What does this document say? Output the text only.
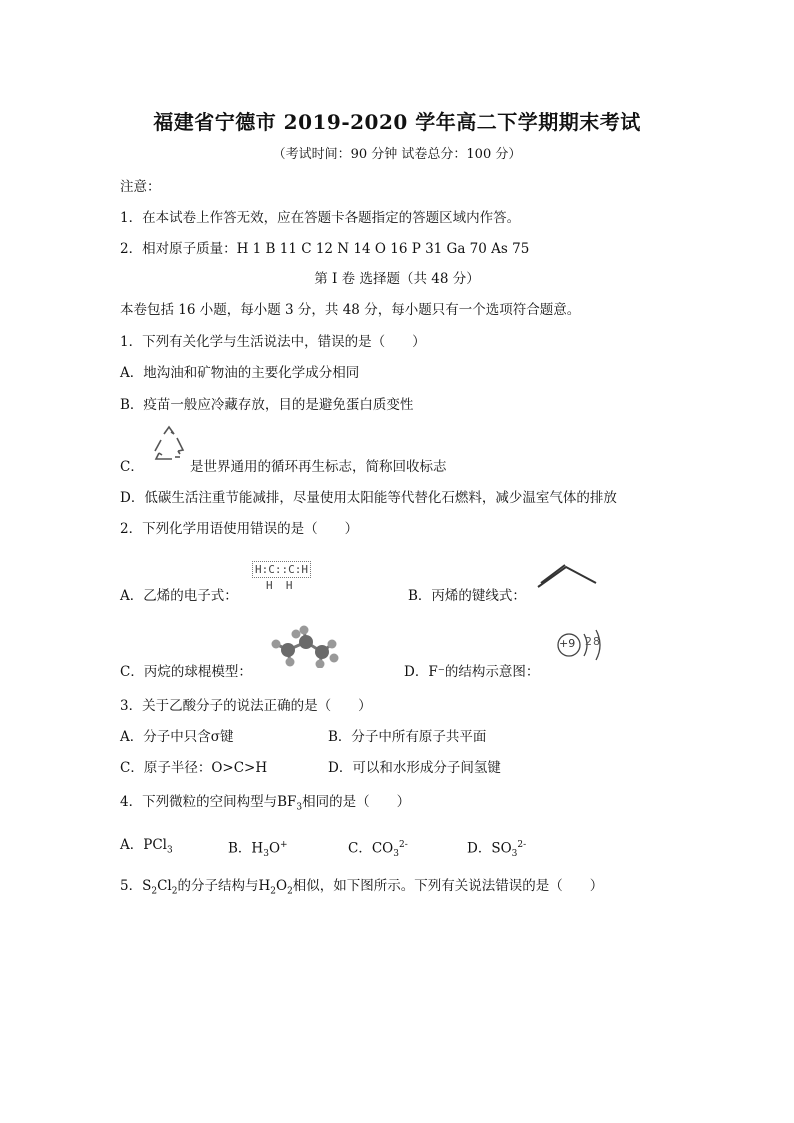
福建省宁德市 2019-2020 学年高二下学期期末考试
（考试时间：90 分钟 试卷总分：100 分）
注意：
1．在本试卷上作答无效，应在答题卡各题指定的答题区域内作答。
2．相对原子质量：H 1 B 11 C 12 N 14 O 16 P 31 Ga 70 As 75
第 I 卷 选择题（共 48 分）
本卷包括 16 小题，每小题 3 分，共 48 分，每小题只有一个选项符合题意。
1．下列有关化学与生活说法中，错误的是（　　）
A．地沟油和矿物油的主要化学成分相同
B．疫苗一般应冷藏存放，目的是避免蛋白质变性
C．	是世界通用的循环再生标志，简称回收标志
D．低碳生活注重节能减排，尽量使用太阳能等代替化石燃料，减少温室气体的排放
2．下列化学用语使用错误的是（　　）
H:C::C:H
H  H
A．乙烯的电子式：	B．丙烯的键线式：
C．丙烷的球棍模型：	D．F⁻的结构示意图：
+9 2 8
3．关于乙酸分子的说法正确的是（　　）
A．分子中只含σ键	B．分子中所有原子共平面
C．原子半径：O>C>H	D．可以和水形成分子间氢键
4．下列微粒的空间构型与$BF_3$相同的是（　　）
A．PCl$_3$	B．$H_3O^+$	C．$CO_3^{2-}$	D．$SO_3^{2-}$
5．$S_2Cl_2$的分子结构与$H_2O_2$相似，如下图所示。下列有关说法错误的是（　　）
